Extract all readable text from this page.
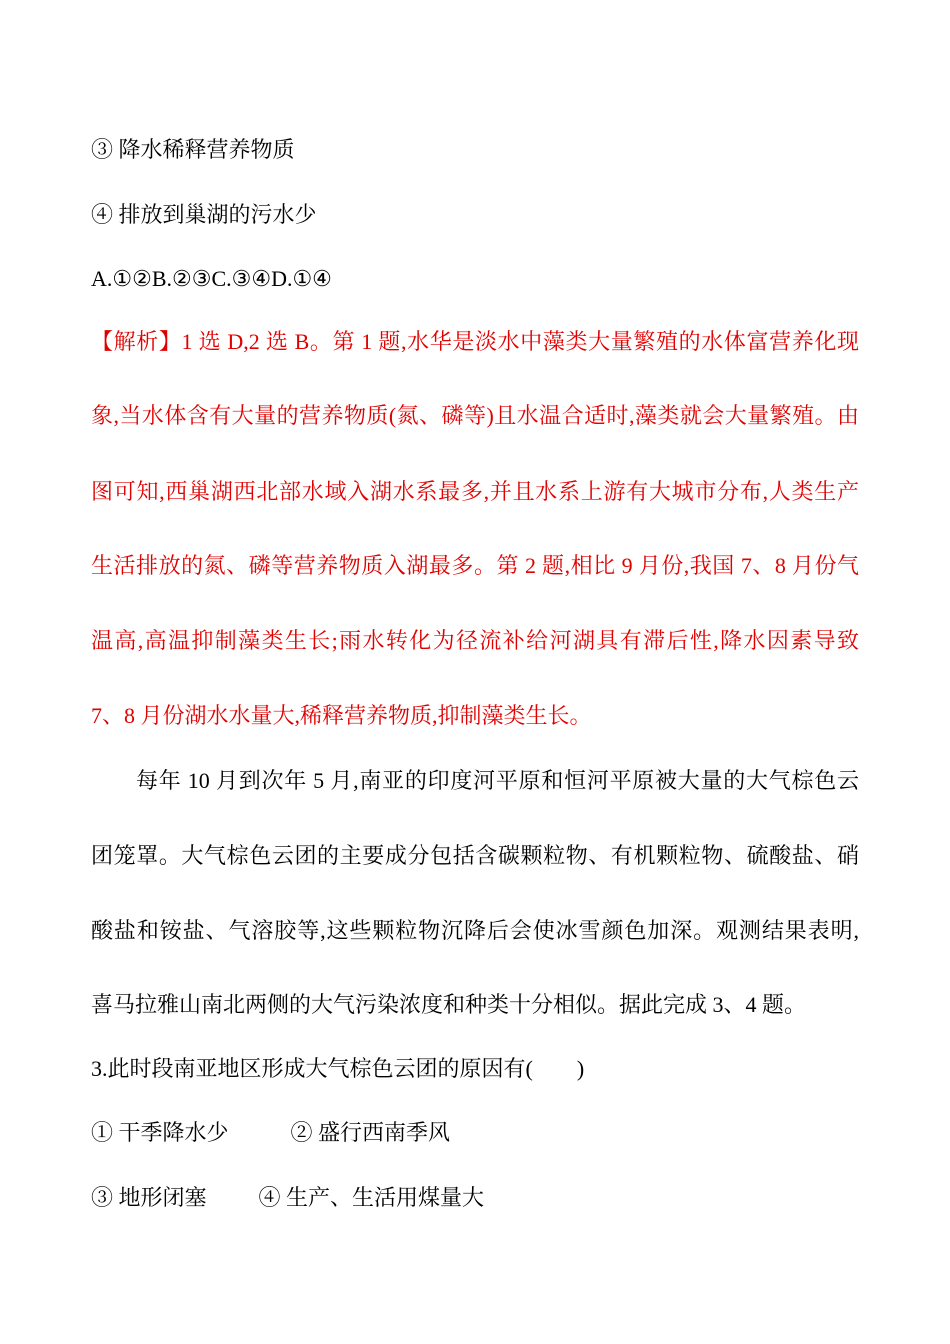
③ 降水稀释营养物质
④ 排放到巢湖的污水少
A.①②B.②③C.③④D.①④
【解析】1 选 D,2 选 B。第 1 题,水华是淡水中藻类大量繁殖的水体富营养化现
象,当水体含有大量的营养物质(氮、磷等)且水温合适时,藻类就会大量繁殖。由
图可知,西巢湖西北部水域入湖水系最多,并且水系上游有大城市分布,人类生产
生活排放的氮、磷等营养物质入湖最多。第 2 题,相比 9 月份,我国 7、8 月份气
温高,高温抑制藻类生长;雨水转化为径流补给河湖具有滞后性,降水因素导致
7、8 月份湖水水量大,稀释营养物质,抑制藻类生长。
每年 10 月到次年 5 月,南亚的印度河平原和恒河平原被大量的大气棕色云
团笼罩。大气棕色云团的主要成分包括含碳颗粒物、有机颗粒物、硫酸盐、硝
酸盐和铵盐、气溶胶等,这些颗粒物沉降后会使冰雪颜色加深。观测结果表明,
喜马拉雅山南北两侧的大气污染浓度和种类十分相似。据此完成 3、4 题。
3.此时段南亚地区形成大气棕色云团的原因有(　　)
① 干季降水少	② 盛行西南季风
③ 地形闭塞 ④ 生产、生活用煤量大
